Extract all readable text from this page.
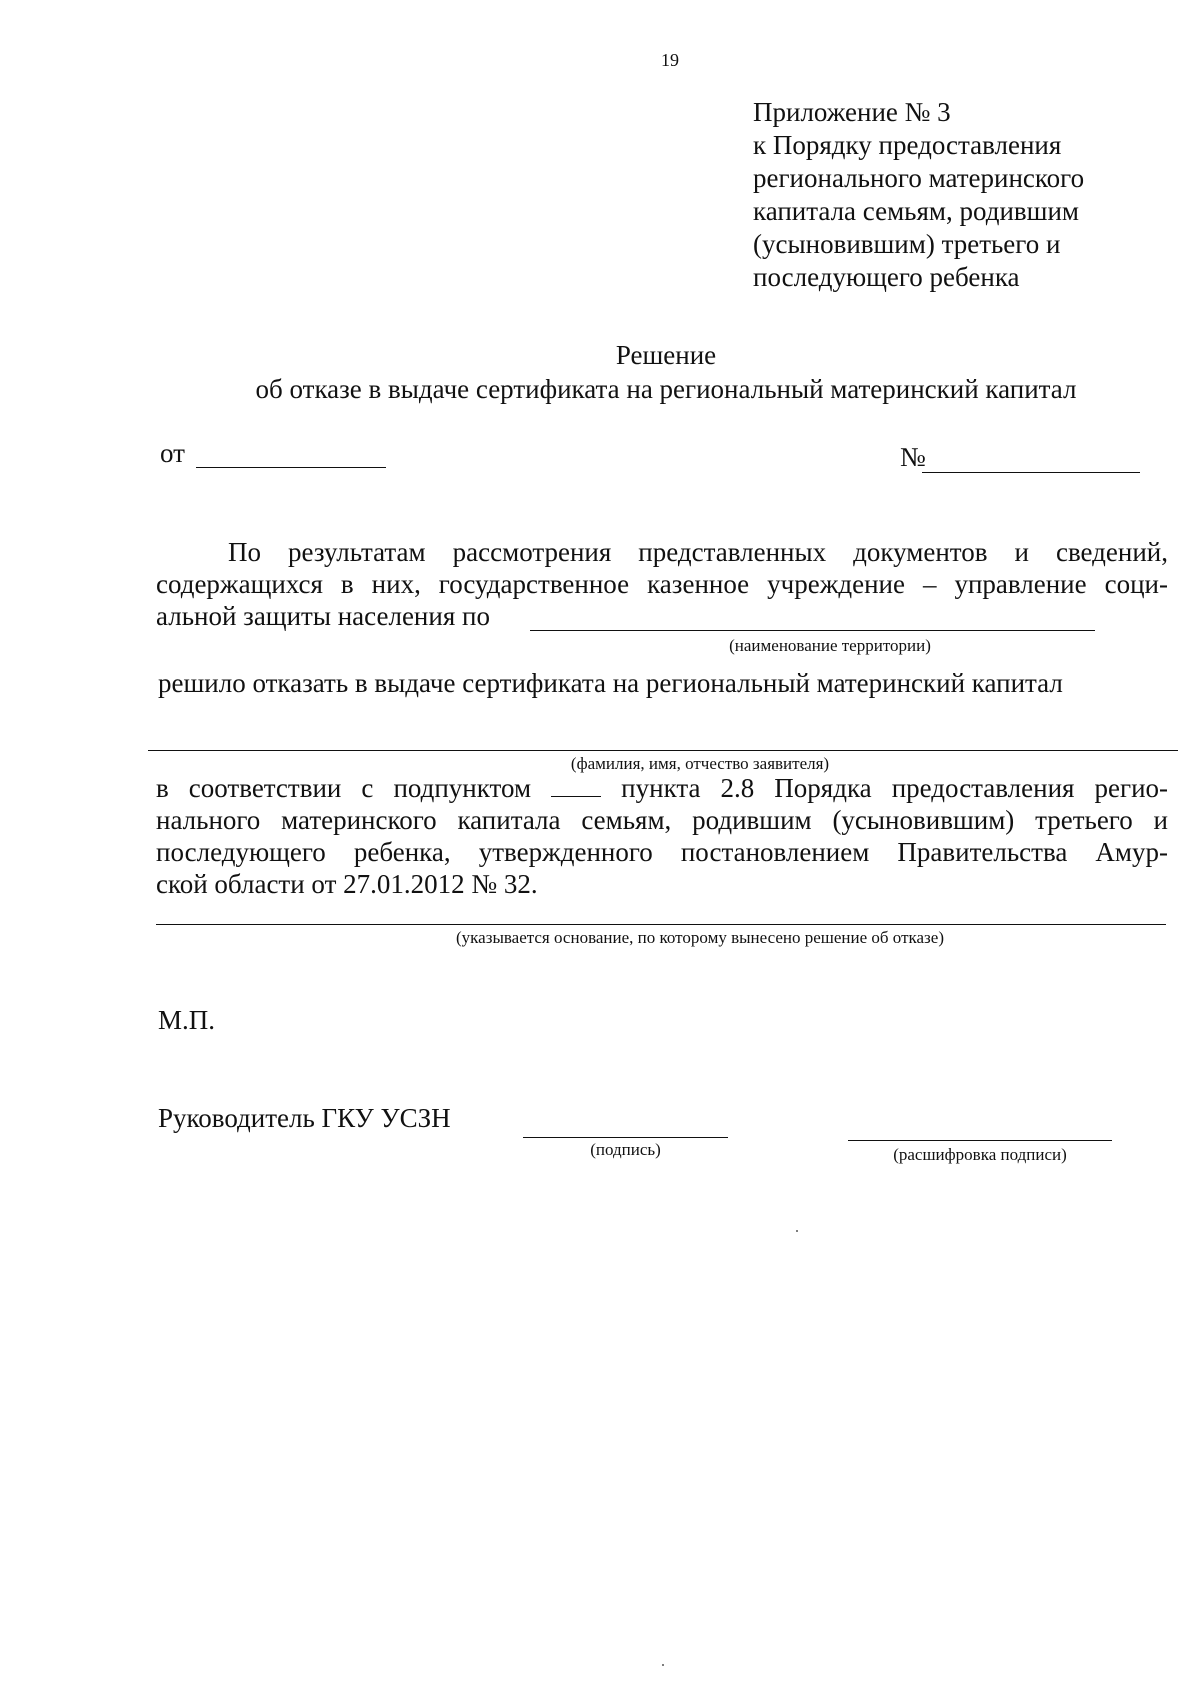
19
Приложение № 3
к Порядку предоставления
регионального материнского
капитала семьям, родившим
(усыновившим) третьего и
последующего ребенка
Решение
об отказе в выдаче сертификата на региональный материнский капитал
от	№
По результатам рассмотрения представленных документов и сведений,
содержащихся в них, государственное казенное учреждение – управление соци-
альной защиты населения по
(наименование территории)
решило отказать в выдаче сертификата на региональный материнский капитал
(фамилия, имя, отчество заявителя)
в соответствии с подпунктом	пункта 2.8 Порядка предоставления регио-
нального материнского капитала семьям, родившим (усыновившим) третьего и
последующего ребенка, утвержденного постановлением Правительства Амур-
ской области от 27.01.2012 № 32.
(указывается основание, по которому вынесено решение об отказе)
М.П.
Руководитель ГКУ УСЗН
(подпись)	(расшифровка подписи)
